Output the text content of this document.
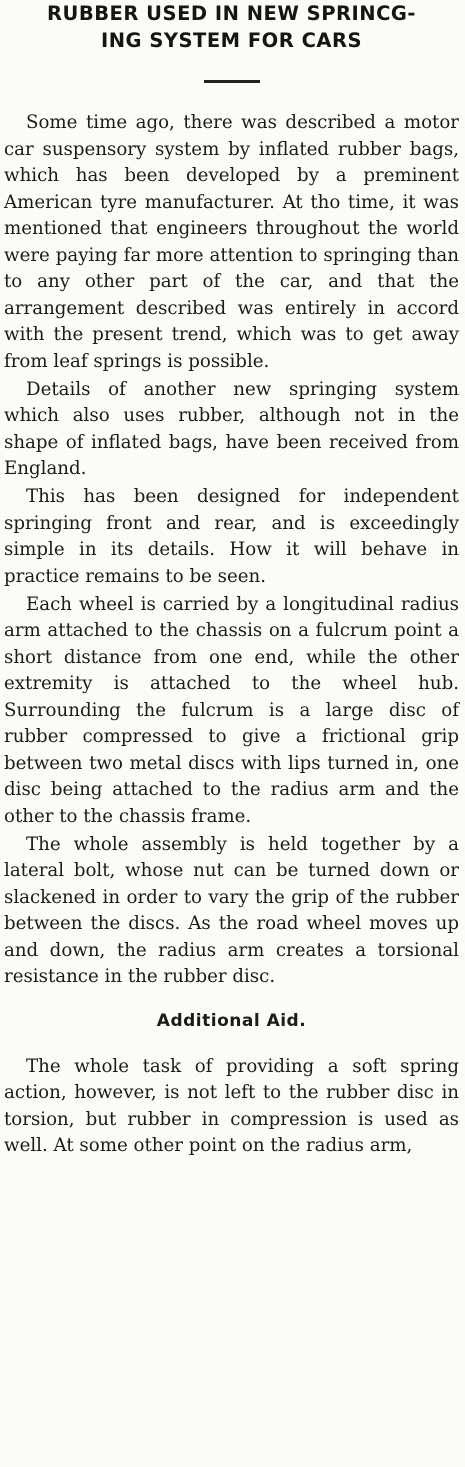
RUBBER USED IN NEW SPRINCG-
ING SYSTEM FOR CARS

Some time ago, there was described a motor car suspensory system by inflated rubber bags, which has been developed by a preminent American tyre manufacturer. At tho time, it was mentioned that engineers throughout the world were paying far more attention to springing than to any other part of the car, and that the arrangement described was entirely in accord with the present trend, which was to get away from leaf springs is possible.

Details of another new springing system which also uses rubber, although not in the shape of inflated bags, have been received from England.

This has been designed for independent springing front and rear, and is exceedingly simple in its details. How it will behave in practice remains to be seen.

Each wheel is carried by a longitudinal radius arm attached to the chassis on a fulcrum point a short distance from one end, while the other extremity is attached to the wheel hub. Surrounding the fulcrum is a large disc of rubber compressed to give a frictional grip between two metal discs with lips turned in, one disc being attached to the radius arm and the other to the chassis frame.

The whole assembly is held together by a lateral bolt, whose nut can be turned down or slackened in order to vary the grip of the rubber between the discs. As the road wheel moves up and down, the radius arm creates a torsional resistance in the rubber disc.

Additional Aid.

The whole task of providing a soft spring action, however, is not left to the rubber disc in torsion, but rubber in compression is used as well. At some other point on the radius arm,
